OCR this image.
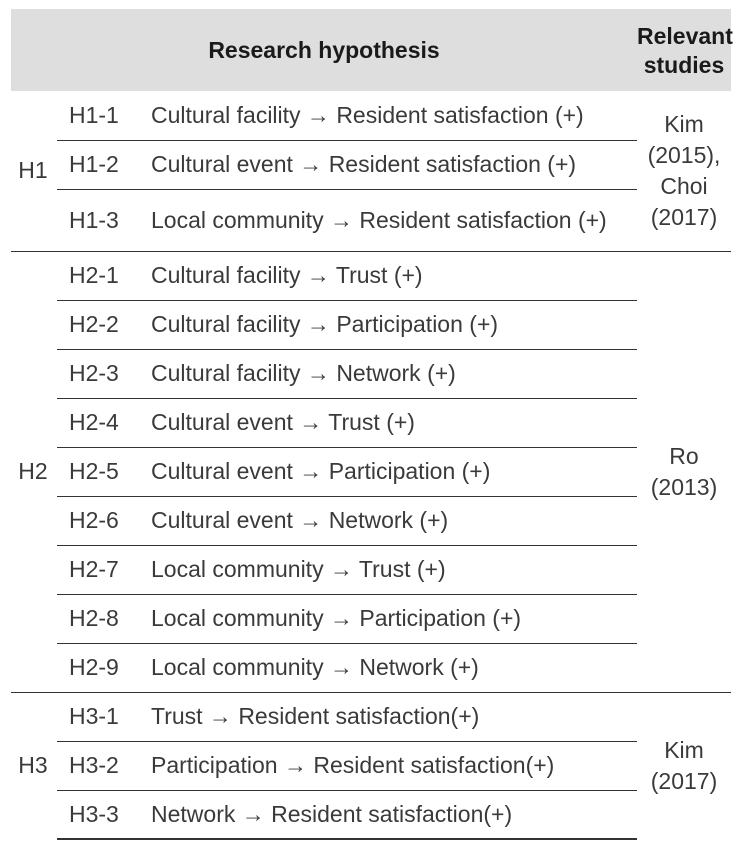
Research hypothesis			Relevant
studies

H1	H1-1	Cultural facility → Resident satisfaction (+)	Kim
(2015),
Choi
(2017)

	H1-2	Cultural event → Resident satisfaction (+)	
	H1-3	Local community → Resident satisfaction (+)	
H2	H2-1	Cultural facility → Trust (+)	Ro
(2013)

	H2-2	Cultural facility → Participation (+)	
	H2-3	Cultural facility → Network (+)	
	H2-4	Cultural event → Trust (+)	
	H2-5	Cultural event → Participation (+)	
	H2-6	Cultural event → Network (+)	
	H2-7	Local community → Trust (+)	
	H2-8	Local community → Participation (+)	
	H2-9	Local community → Network (+)	
H3	H3-1	Trust → Resident satisfaction(+)	Kim
(2017)

	H3-2	Participation → Resident satisfaction(+)	
	H3-3	Network → Resident satisfaction(+)	
